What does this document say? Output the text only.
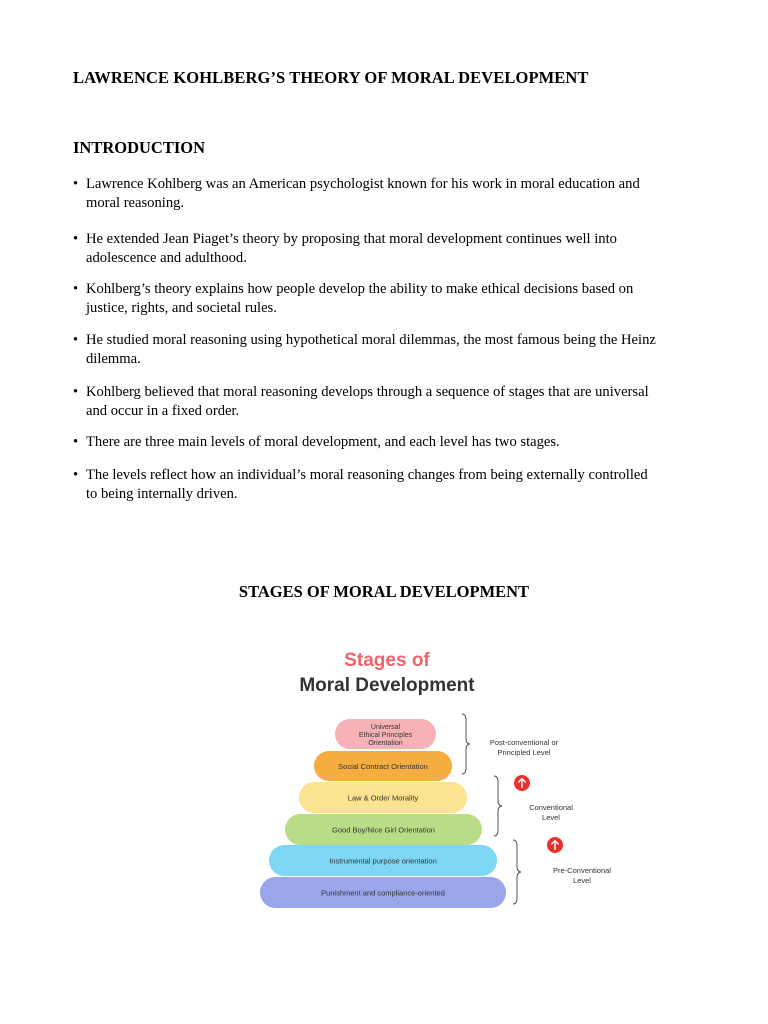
LAWRENCE KOHLBERG’S THEORY OF MORAL DEVELOPMENT
INTRODUCTION
• Lawrence Kohlberg was an American psychologist known for his work in moral education and
moral reasoning.
• He extended Jean Piaget’s theory by proposing that moral development continues well into
adolescence and adulthood.
• Kohlberg’s theory explains how people develop the ability to make ethical decisions based on
justice, rights, and societal rules.
• He studied moral reasoning using hypothetical moral dilemmas, the most famous being the Heinz
dilemma.
• Kohlberg believed that moral reasoning develops through a sequence of stages that are universal
and occur in a fixed order.
• There are three main levels of moral development, and each level has two stages.
• The levels reflect how an individual’s moral reasoning changes from being externally controlled
to being internally driven.
STAGES OF MORAL DEVELOPMENT
Stages of
Moral Development
Universal
Ethical Principles
Orientation
Social Contract Orientation
Law & Order Morality
Good Boy/Nice Girl Orientation
Instrumental purpose orientation
Punishment and compliance-oriented
Post-conventional or
Principled Level
Conventional
Level
Pre-Conventional
Level
